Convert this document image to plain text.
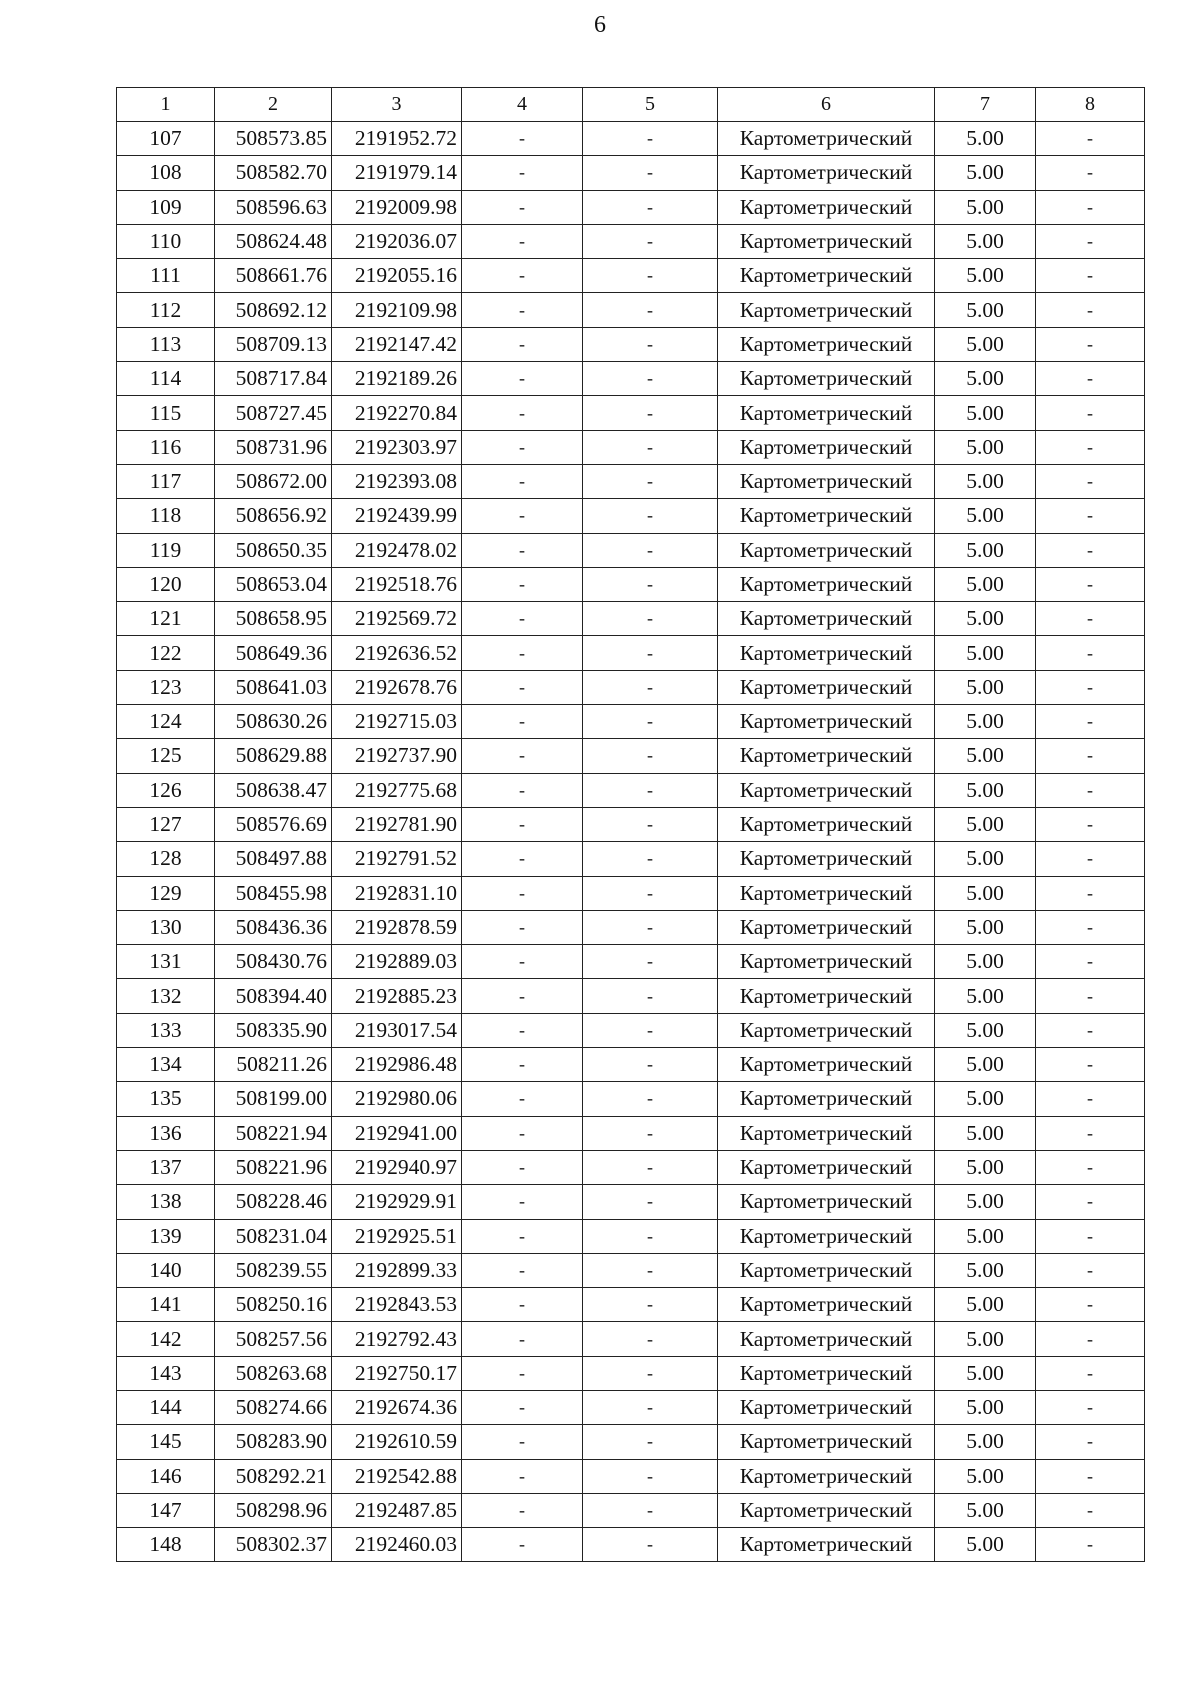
6
1	2	3	4	5	6	7	8
107	508573.85	2191952.72	-	-	Картометрический	5.00	-
108	508582.70	2191979.14	-	-	Картометрический	5.00	-
109	508596.63	2192009.98	-	-	Картометрический	5.00	-
110	508624.48	2192036.07	-	-	Картометрический	5.00	-
111	508661.76	2192055.16	-	-	Картометрический	5.00	-
112	508692.12	2192109.98	-	-	Картометрический	5.00	-
113	508709.13	2192147.42	-	-	Картометрический	5.00	-
114	508717.84	2192189.26	-	-	Картометрический	5.00	-
115	508727.45	2192270.84	-	-	Картометрический	5.00	-
116	508731.96	2192303.97	-	-	Картометрический	5.00	-
117	508672.00	2192393.08	-	-	Картометрический	5.00	-
118	508656.92	2192439.99	-	-	Картометрический	5.00	-
119	508650.35	2192478.02	-	-	Картометрический	5.00	-
120	508653.04	2192518.76	-	-	Картометрический	5.00	-
121	508658.95	2192569.72	-	-	Картометрический	5.00	-
122	508649.36	2192636.52	-	-	Картометрический	5.00	-
123	508641.03	2192678.76	-	-	Картометрический	5.00	-
124	508630.26	2192715.03	-	-	Картометрический	5.00	-
125	508629.88	2192737.90	-	-	Картометрический	5.00	-
126	508638.47	2192775.68	-	-	Картометрический	5.00	-
127	508576.69	2192781.90	-	-	Картометрический	5.00	-
128	508497.88	2192791.52	-	-	Картометрический	5.00	-
129	508455.98	2192831.10	-	-	Картометрический	5.00	-
130	508436.36	2192878.59	-	-	Картометрический	5.00	-
131	508430.76	2192889.03	-	-	Картометрический	5.00	-
132	508394.40	2192885.23	-	-	Картометрический	5.00	-
133	508335.90	2193017.54	-	-	Картометрический	5.00	-
134	508211.26	2192986.48	-	-	Картометрический	5.00	-
135	508199.00	2192980.06	-	-	Картометрический	5.00	-
136	508221.94	2192941.00	-	-	Картометрический	5.00	-
137	508221.96	2192940.97	-	-	Картометрический	5.00	-
138	508228.46	2192929.91	-	-	Картометрический	5.00	-
139	508231.04	2192925.51	-	-	Картометрический	5.00	-
140	508239.55	2192899.33	-	-	Картометрический	5.00	-
141	508250.16	2192843.53	-	-	Картометрический	5.00	-
142	508257.56	2192792.43	-	-	Картометрический	5.00	-
143	508263.68	2192750.17	-	-	Картометрический	5.00	-
144	508274.66	2192674.36	-	-	Картометрический	5.00	-
145	508283.90	2192610.59	-	-	Картометрический	5.00	-
146	508292.21	2192542.88	-	-	Картометрический	5.00	-
147	508298.96	2192487.85	-	-	Картометрический	5.00	-
148	508302.37	2192460.03	-	-	Картометрический	5.00	-
